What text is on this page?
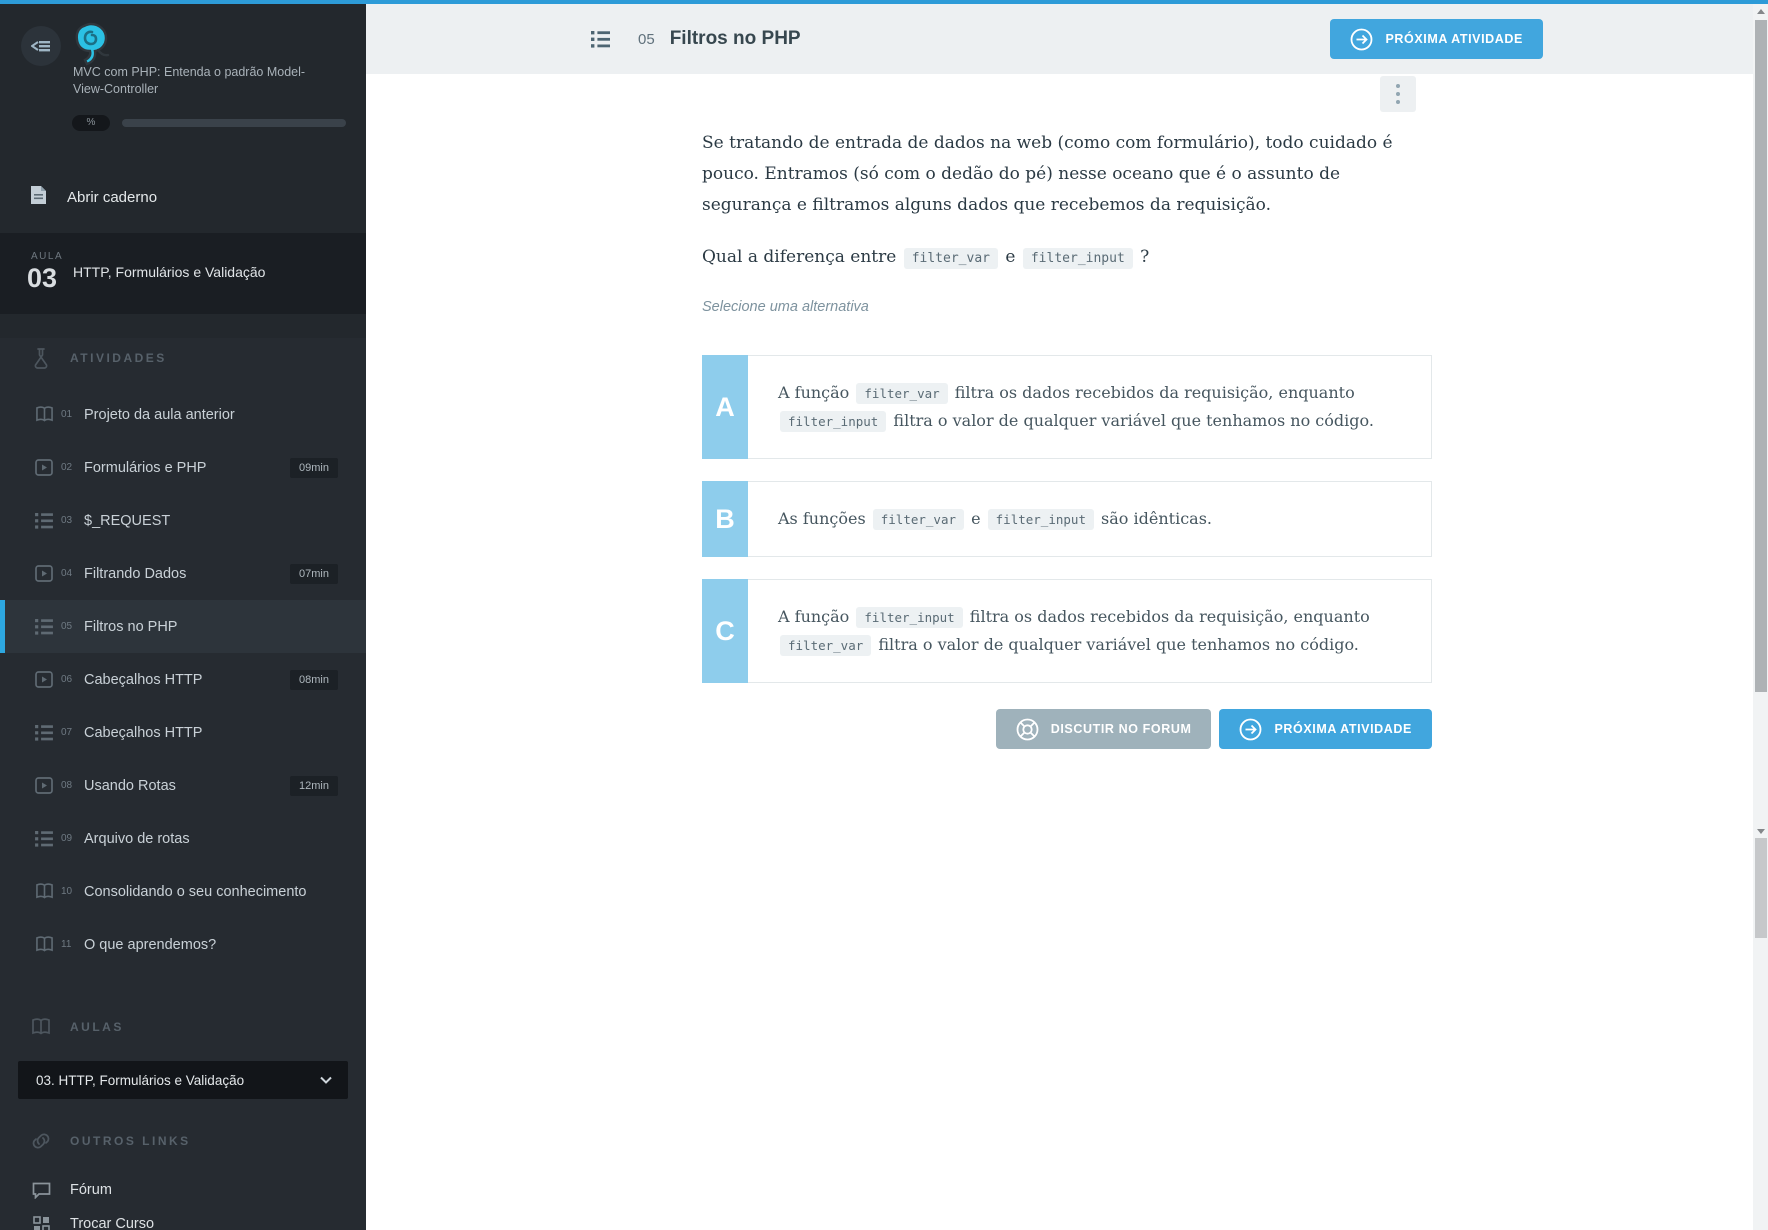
MVC com PHP: Entenda o padrão Model-View-Controller
%
Abrir caderno
AULA
03 HTTP, Formulários e Validação
ATIVIDADES
01 Projeto da aula anterior
02 Formulários e PHP	09min
03 $_REQUEST
04 Filtrando Dados	07min
05 Filtros no PHP
06 Cabeçalhos HTTP	08min
07 Cabeçalhos HTTP
08 Usando Rotas	12min
09 Arquivo de rotas
10 Consolidando o seu conhecimento
11 O que aprendemos?
AULAS
03. HTTP, Formulários e Validação
OUTROS LINKS
Fórum
Trocar Curso
05 Filtros no PHP	PRÓXIMA ATIVIDADE

Se tratando de entrada de dados na web (como com formulário), todo cuidado é pouco. Entramos (só com o dedão do pé) nesse oceano que é o assunto de segurança e filtramos alguns dados que recebemos da requisição.

Qual a diferença entre filter_var e filter_input ?

Selecione uma alternativa
A	A função filter_var filtra os dados recebidos da requisição, enquanto filter_input filtra o valor de qualquer variável que tenhamos no código.
B	As funções filter_var e filter_input são idênticas.
C	A função filter_input filtra os dados recebidos da requisição, enquanto filter_var filtra o valor de qualquer variável que tenhamos no código.
DISCUTIR NO FORUM	PRÓXIMA ATIVIDADE
